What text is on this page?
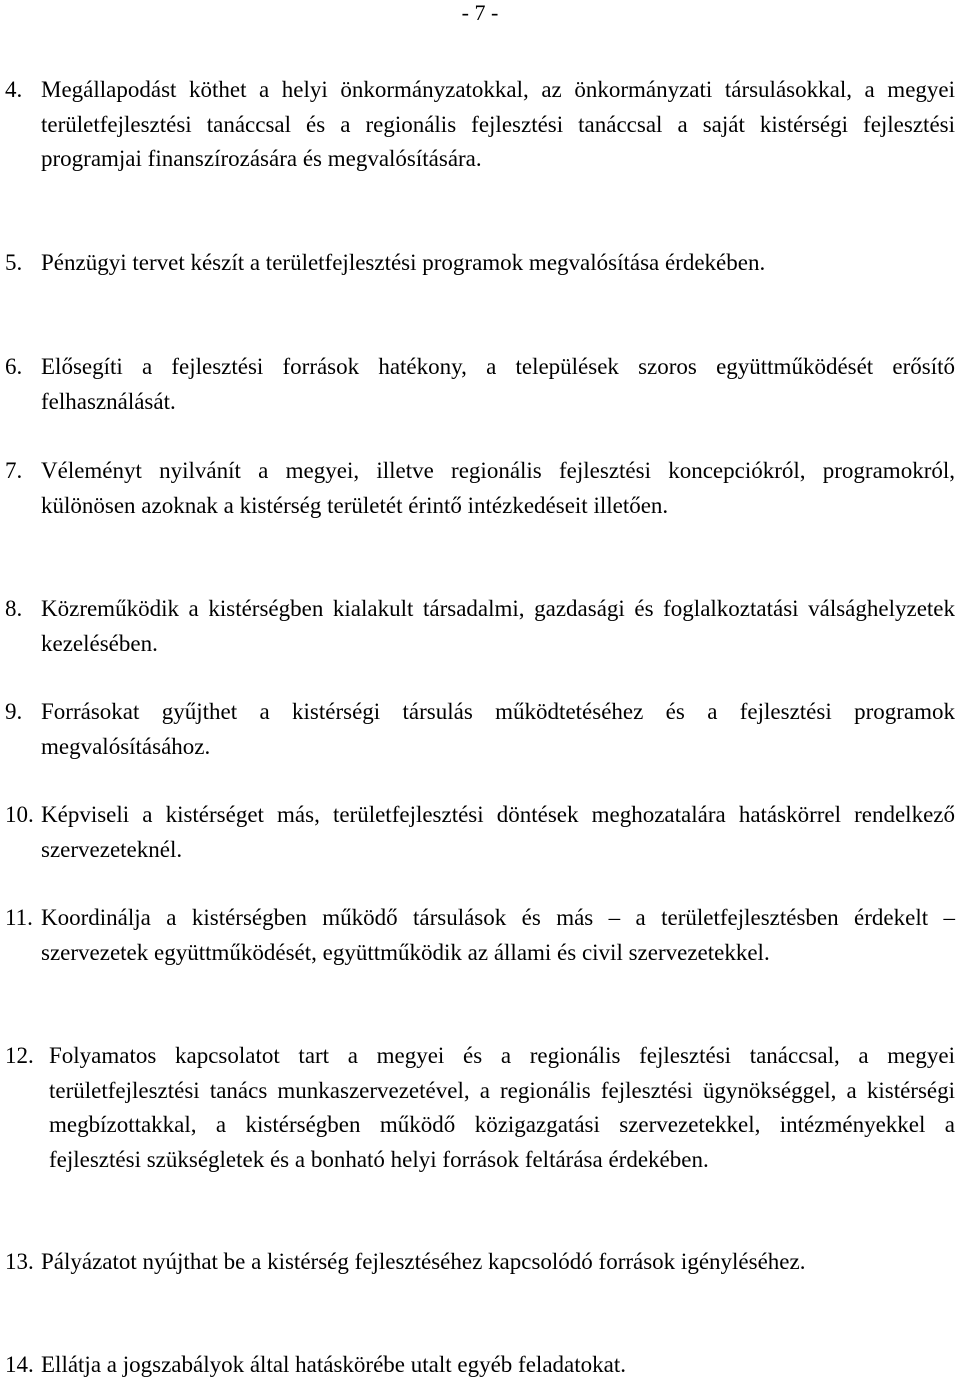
- 7 -
4. Megállapodást köthet a helyi önkormányzatokkal, az önkormányzati társulásokkal, a megyei területfejlesztési tanáccsal és a regionális fejlesztési tanáccsal a saját kistérségi fejlesztési programjai finanszírozására és megvalósítására.
5. Pénzügyi tervet készít a területfejlesztési programok megvalósítása érdekében.
6. Elősegíti a fejlesztési források hatékony, a települések szoros együttműködését erősítő felhasználását.
7. Véleményt nyilvánít a megyei, illetve regionális fejlesztési koncepciókról, programokról, különösen azoknak a kistérség területét érintő intézkedéseit illetően.
8. Közreműködik a kistérségben kialakult társadalmi, gazdasági és foglalkoztatási válsághelyzetek kezelésében.
9. Forrásokat gyűjthet a kistérségi társulás működtetéséhez és a fejlesztési programok megvalósításához.
10. Képviseli a kistérséget más, területfejlesztési döntések meghozatalára hatáskörrel rendelkező szervezeteknél.
11. Koordinálja a kistérségben működő társulások és más – a területfejlesztésben érdekelt – szervezetek együttműködését, együttműködik az állami és civil szervezetekkel.
12. Folyamatos kapcsolatot tart a megyei és a regionális fejlesztési tanáccsal, a megyei területfejlesztési tanács munkaszervezetével, a regionális fejlesztési ügynökséggel, a kistérségi megbízottakkal, a kistérségben működő közigazgatási szervezetekkel, intézményekkel a fejlesztési szükségletek és a bonható helyi források feltárása érdekében.
13. Pályázatot nyújthat be a kistérség fejlesztéséhez kapcsolódó források igényléséhez.
14. Ellátja a jogszabályok által hatáskörébe utalt egyéb feladatokat.
